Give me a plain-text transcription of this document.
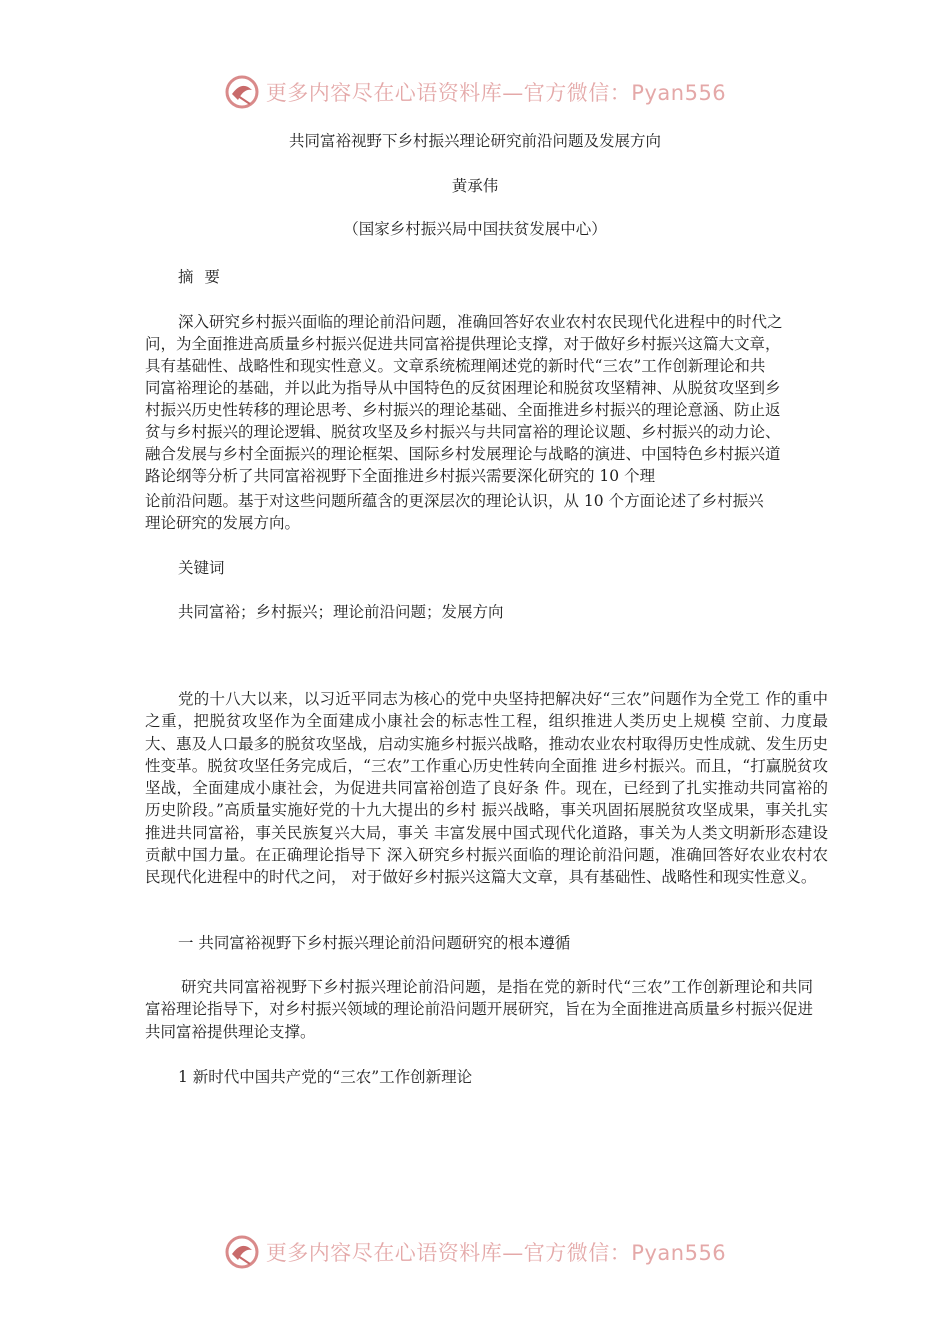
更多内容尽在心语资料库—官方微信：Pyan556
共同富裕视野下乡村振兴理论研究前沿问题及发展方向
黄承伟
（国家乡村振兴局中国扶贫发展中心）
摘 要
深入研究乡村振兴面临的理论前沿问题，准确回答好农业农村农民现代化进程中的时代之
问，为全面推进高质量乡村振兴促进共同富裕提供理论支撑，对于做好乡村振兴这篇大文章，
具有基础性、战略性和现实性意义。文章系统梳理阐述党的新时代“三农”工作创新理论和共
同富裕理论的基础，并以此为指导从中国特色的反贫困理论和脱贫攻坚精神、从脱贫攻坚到乡
村振兴历史性转移的理论思考、乡村振兴的理论基础、全面推进乡村振兴的理论意涵、防止返
贫与乡村振兴的理论逻辑、脱贫攻坚及乡村振兴与共同富裕的理论议题、乡村振兴的动力论、
融合发展与乡村全面振兴的理论框架、国际乡村发展理论与战略的演进、中国特色乡村振兴道
路论纲等分析了共同富裕视野下全面推进乡村振兴需要深化研究的 10 个理
论前沿问题。基于对这些问题所蕴含的更深层次的理论认识，从 10 个方面论述了乡村振兴
理论研究的发展方向。
关键词
共同富裕；乡村振兴；理论前沿问题；发展方向
党的十八大以来，以习近平同志为核心的党中央坚持把解决好“三农”问题作为全党工 作的重中之重，把脱贫攻坚作为全面建成小康社会的标志性工程，组织推进人类历史上规模 空前、力度最大、惠及人口最多的脱贫攻坚战，启动实施乡村振兴战略，推动农业农村取得历史性成就、发生历史性变革。脱贫攻坚任务完成后，“三农”工作重心历史性转向全面推 进乡村振兴。而且，“打赢脱贫攻坚战，全面建成小康社会，为促进共同富裕创造了良好条 件。现在，已经到了扎实推动共同富裕的历史阶段。”高质量实施好党的十九大提出的乡村 振兴战略，事关巩固拓展脱贫攻坚成果，事关扎实推进共同富裕，事关民族复兴大局，事关 丰富发展中国式现代化道路，事关为人类文明新形态建设贡献中国力量。在正确理论指导下 深入研究乡村振兴面临的理论前沿问题，准确回答好农业农村农民现代化进程中的时代之问， 对于做好乡村振兴这篇大文章，具有基础性、战略性和现实性意义。
一 共同富裕视野下乡村振兴理论前沿问题研究的根本遵循
研究共同富裕视野下乡村振兴理论前沿问题，是指在党的新时代“三农”工作创新理论和共同富裕理论指导下，对乡村振兴领域的理论前沿问题开展研究，旨在为全面推进高质量乡村振兴促进共同富裕提供理论支撑。
1 新时代中国共产党的“三农”工作创新理论
更多内容尽在心语资料库—官方微信：Pyan556
